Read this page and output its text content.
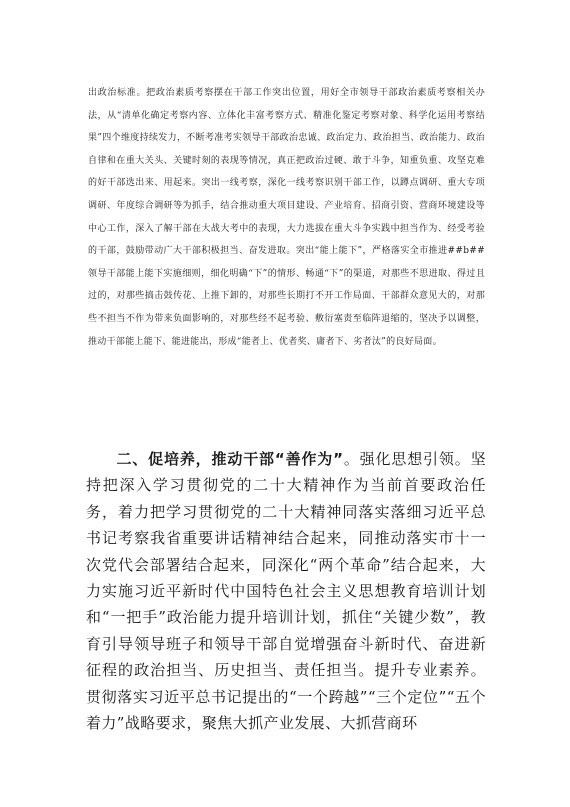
出政治标准。把政治素质考察摆在干部工作突出位置，用好全市领导干部政治素质考察相关办法，从“清单化确定考察内容、立体化丰富考察方式、精准化鉴定考察对象、科学化运用考察结果”四个维度持续发力，不断考准考实领导干部政治忠诚、政治定力、政治担当、政治能力、政治自律和在重大关头、关键时刻的表现等情况，真正把政治过硬、敢于斗争，知重负重、攻坚克难的好干部选出来、用起来。突出一线考察，深化一线考察识别干部工作，以蹲点调研、重大专项调研、年度综合调研等为抓手，结合推动重大项目建设、产业培育、招商引资、营商环境建设等中心工作，深入了解干部在大战大考中的表现，大力选拔在重大斗争实践中担当作为、经受考验的干部，鼓励带动广大干部积极担当、奋发进取。突出“能上能下”，严格落实全市推进##b##领导干部能上能下实施细则，细化明确“下”的情形、畅通“下”的渠道，对那些不思进取、得过且过的，对那些搞击鼓传花、上推下卸的，对那些长期打不开工作局面、干部群众意见大的，对那些不担当不作为带来负面影响的，对那些经不起考验、敷衍塞责至临阵退缩的，坚决予以调整，推动干部能上能下、能进能出，形成“能者上、优者奖、庸者下、劣者汰”的良好局面。
二、促培养，推动干部“善作为”。强化思想引领。坚持把深入学习贯彻党的二十大精神作为当前首要政治任务，着力把学习贯彻党的二十大精神同落实落细习近平总书记考察我省重要讲话精神结合起来，同推动落实市十一次党代会部署结合起来，同深化“两个革命”结合起来，大力实施习近平新时代中国特色社会主义思想教育培训计划和“一把手”政治能力提升培训计划，抓住“关键少数”，教育引导领导班子和领导干部自觉增强奋斗新时代、奋进新征程的政治担当、历史担当、责任担当。提升专业素养。贯彻落实习近平总书记提出的“一个跨越”“三个定位”“五个着力”战略要求，聚焦大抓产业发展、大抓营商环
